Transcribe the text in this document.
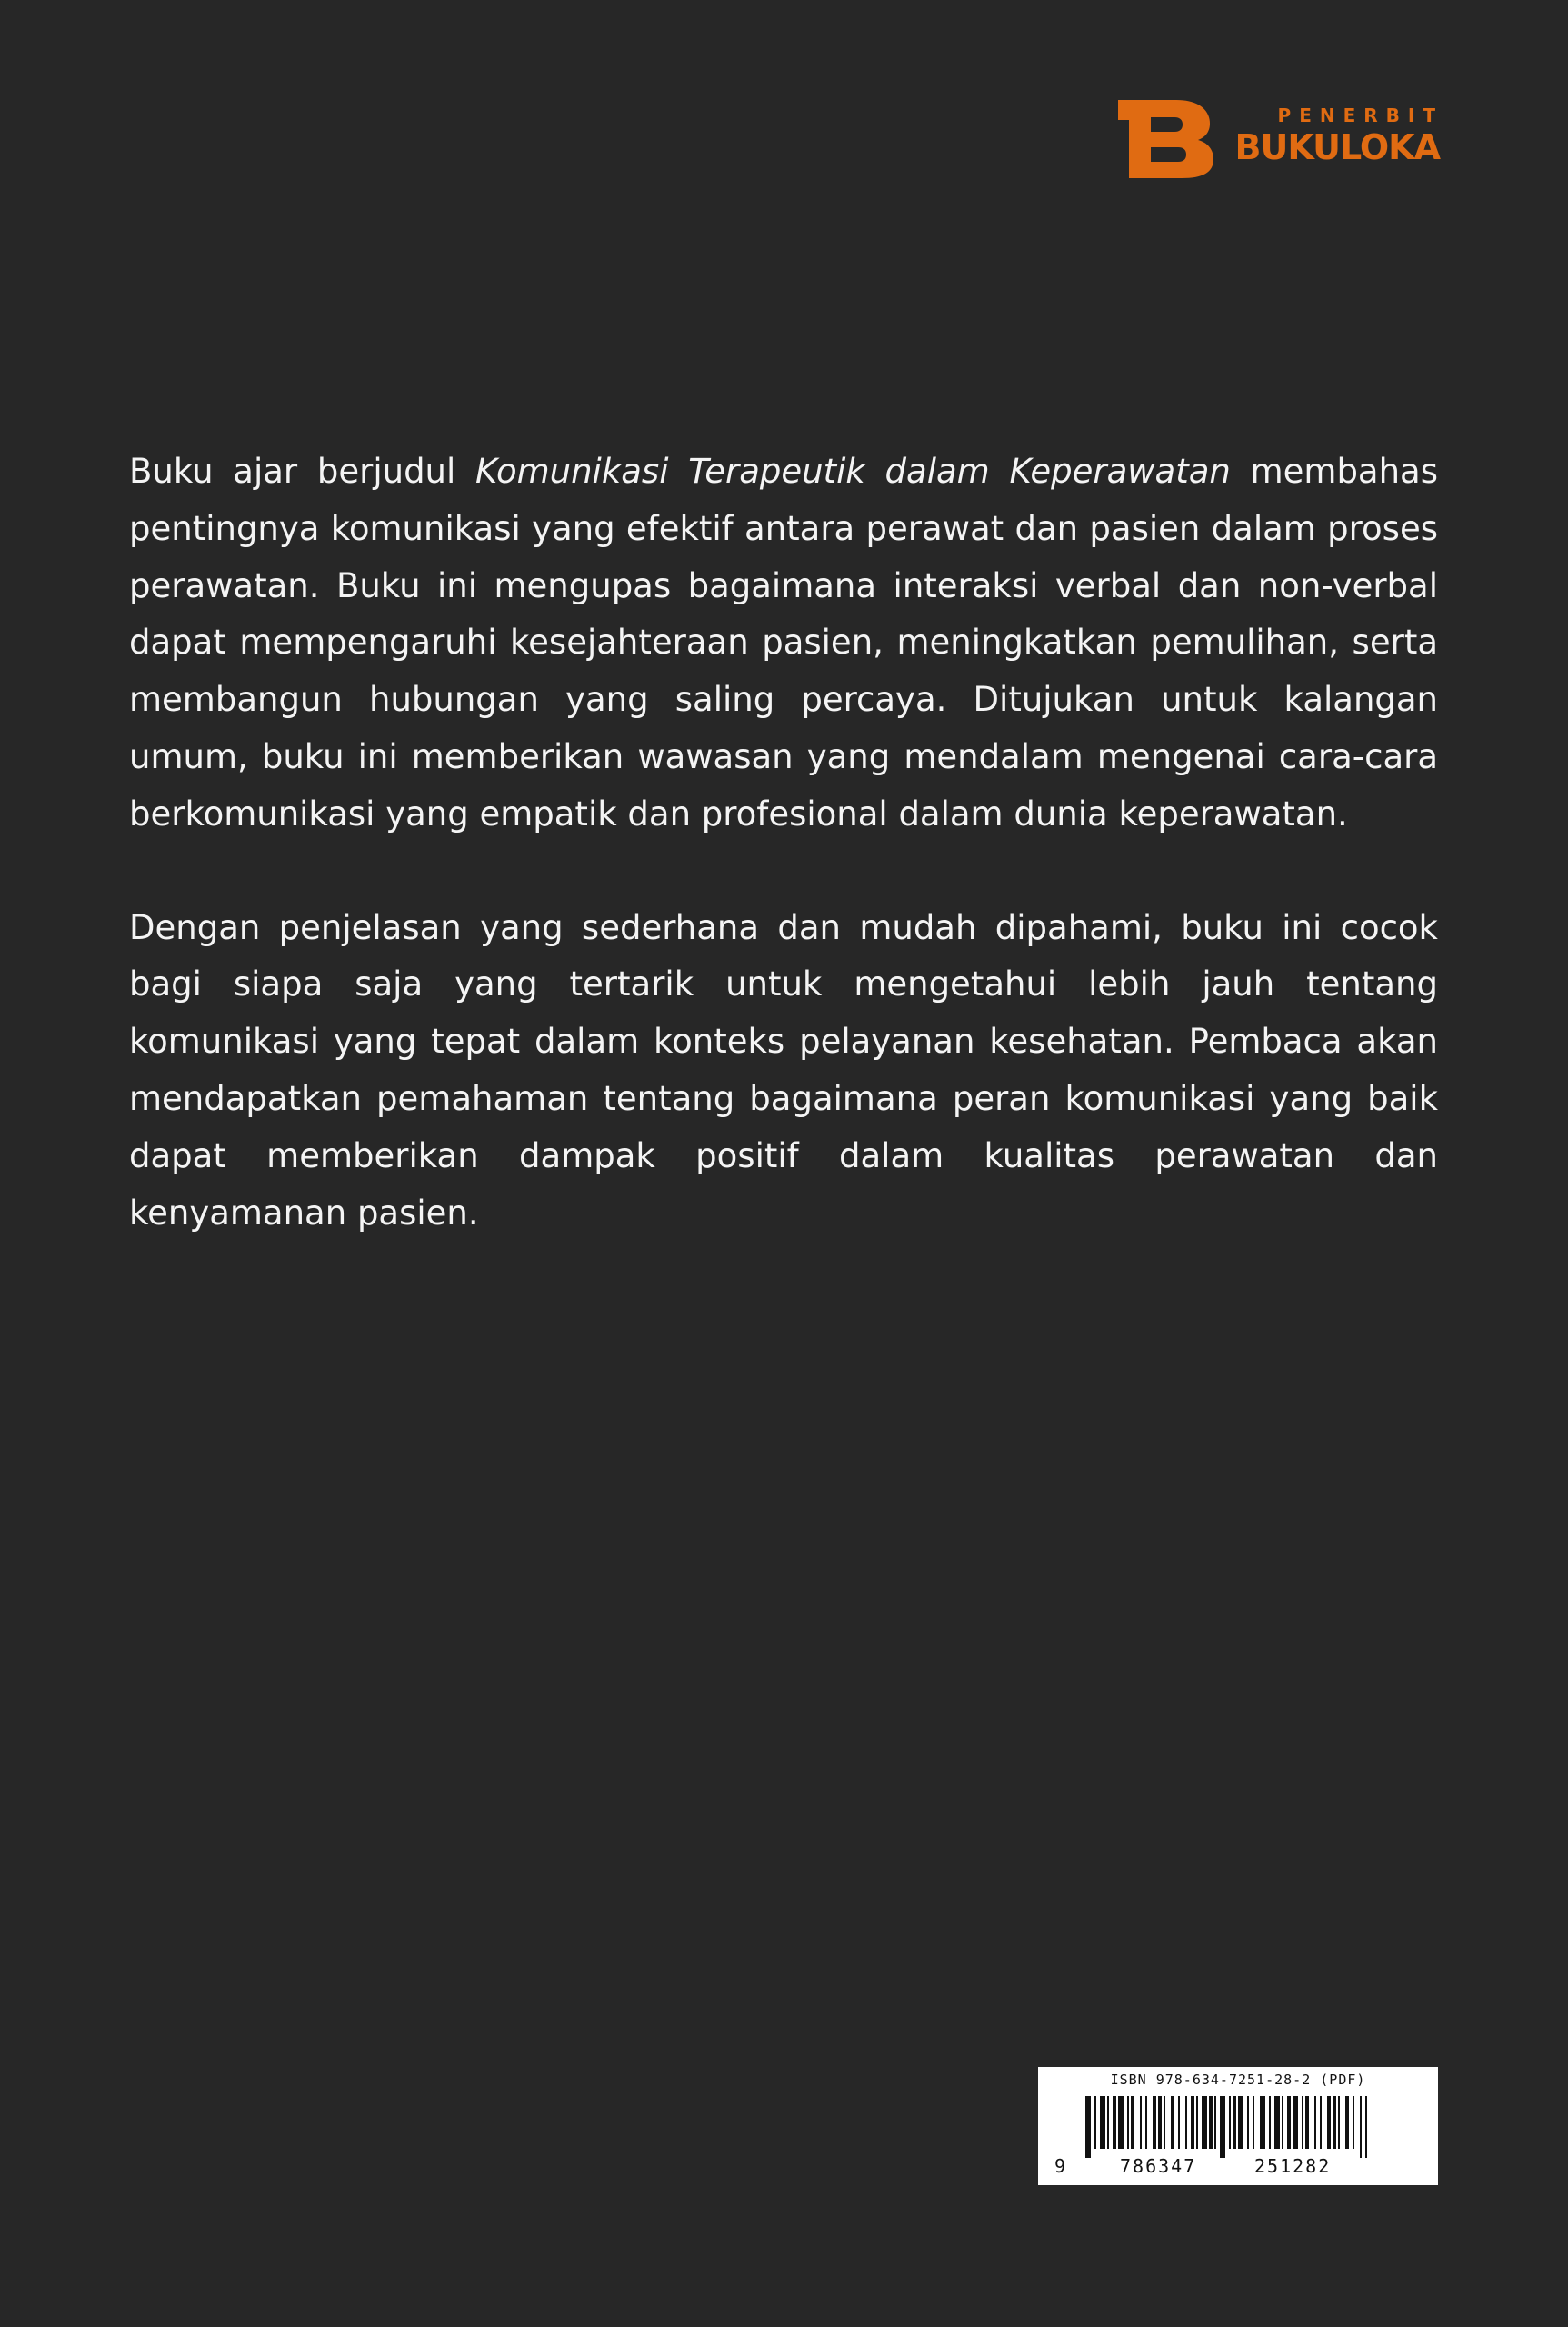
PENERBIT
BUKULOKA

Buku ajar berjudul Komunikasi Terapeutik dalam Keperawatan membahas pentingnya komunikasi yang efektif antara perawat dan pasien dalam proses perawatan. Buku ini mengupas bagaimana interaksi verbal dan non-verbal dapat mempengaruhi kesejahteraan pasien, meningkatkan pemulihan, serta membangun hubungan yang saling percaya. Ditujukan untuk kalangan umum, buku ini memberikan wawasan yang mendalam mengenai cara-cara berkomunikasi yang empatik dan profesional dalam dunia keperawatan.

Dengan penjelasan yang sederhana dan mudah dipahami, buku ini cocok bagi siapa saja yang tertarik untuk mengetahui lebih jauh tentang komunikasi yang tepat dalam konteks pelayanan kesehatan. Pembaca akan mendapatkan pemahaman tentang bagaimana peran komunikasi yang baik dapat memberikan dampak positif dalam kualitas perawatan dan kenyamanan pasien.

ISBN 978-634-7251-28-2 (PDF)
9	786347	251282
